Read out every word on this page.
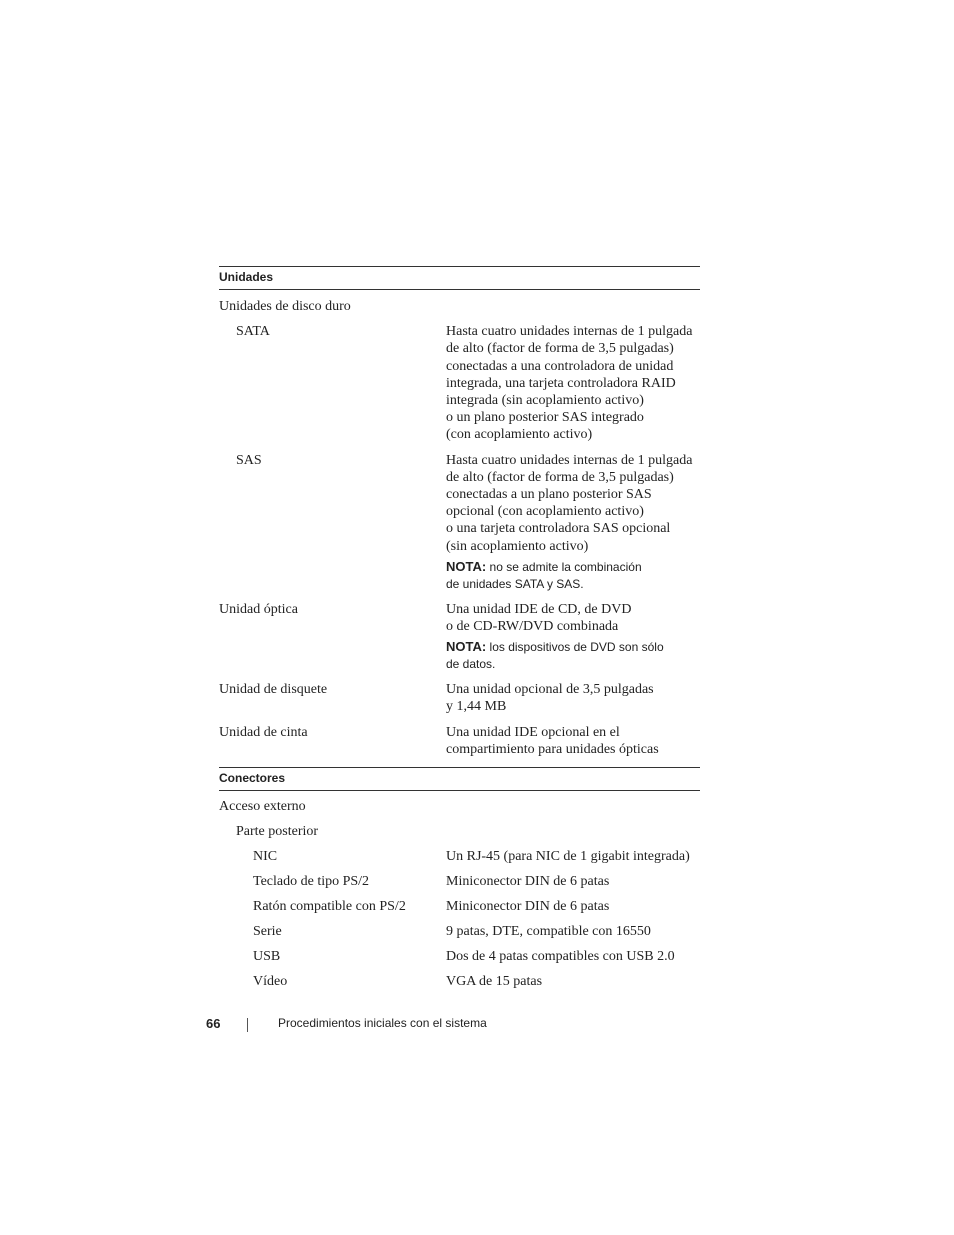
Unidades
Unidades de disco duro
SATA	Hasta cuatro unidades internas de 1 pulgada
de alto (factor de forma de 3,5 pulgadas)
conectadas a una controladora de unidad
integrada, una tarjeta controladora RAID
integrada (sin acoplamiento activo)
o un plano posterior SAS integrado
(con acoplamiento activo)
SAS	Hasta cuatro unidades internas de 1 pulgada
de alto (factor de forma de 3,5 pulgadas)
conectadas a un plano posterior SAS
opcional (con acoplamiento activo)
o una tarjeta controladora SAS opcional
(sin acoplamiento activo)
NOTA: no se admite la combinación
de unidades SATA y SAS.
Unidad óptica	Una unidad IDE de CD, de DVD
o de CD-RW/DVD combinada
NOTA: los dispositivos de DVD son sólo
de datos.
Unidad de disquete	Una unidad opcional de 3,5 pulgadas
y 1,44 MB
Unidad de cinta	Una unidad IDE opcional en el
compartimiento para unidades ópticas
Conectores
Acceso externo
Parte posterior
NIC	Un RJ-45 (para NIC de 1 gigabit integrada)
Teclado de tipo PS/2	Miniconector DIN de 6 patas
Ratón compatible con PS/2	Miniconector DIN de 6 patas
Serie	9 patas, DTE, compatible con 16550
USB	Dos de 4 patas compatibles con USB 2.0
Vídeo	VGA de 15 patas
66	Procedimientos iniciales con el sistema
